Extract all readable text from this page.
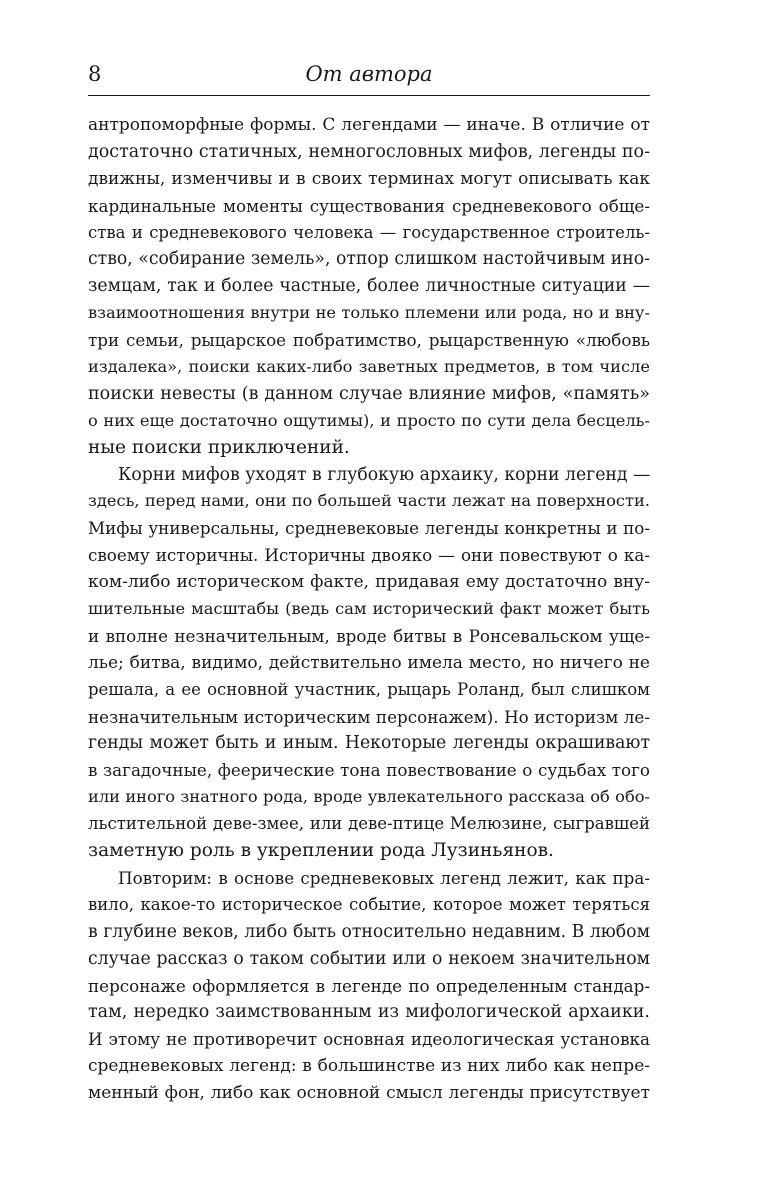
8	От автора
антропоморфные формы. С легендами — иначе. В отличие от
достаточно статичных, немногословных мифов, легенды по-
движны, изменчивы и в своих терминах могут описывать как
кардинальные моменты существования средневекового обще-
ства и средневекового человека — государственное строитель-
ство, «собирание земель», отпор слишком настойчивым ино-
земцам, так и более частные, более личностные ситуации —
взаимоотношения внутри не только племени или рода, но и вну-
три семьи, рыцарское побратимство, рыцарственную «любовь
издалека», поиски каких-либо заветных предметов, в том числе
поиски невесты (в данном случае влияние мифов, «память»
о них еще достаточно ощутимы), и просто по сути дела бесцель-
ные поиски приключений.
Корни мифов уходят в глубокую архаику, корни легенд —
здесь, перед нами, они по большей части лежат на поверхности.
Мифы универсальны, средневековые легенды конкретны и по-
своему историчны. Историчны двояко — они повествуют о ка-
ком-либо историческом факте, придавая ему достаточно вну-
шительные масштабы (ведь сам исторический факт может быть
и вполне незначительным, вроде битвы в Ронсевальском уще-
лье; битва, видимо, действительно имела место, но ничего не
решала, а ее основной участник, рыцарь Роланд, был слишком
незначительным историческим персонажем). Но историзм ле-
генды может быть и иным. Некоторые легенды окрашивают
в загадочные, феерические тона повествование о судьбах того
или иного знатного рода, вроде увлекательного рассказа об обо-
льстительной деве-змее, или деве-птице Мелюзине, сыгравшей
заметную роль в укреплении рода Лузиньянов.
Повторим: в основе средневековых легенд лежит, как пра-
вило, какое-то историческое событие, которое может теряться
в глубине веков, либо быть относительно недавним. В любом
случае рассказ о таком событии или о некоем значительном
персонаже оформляется в легенде по определенным стандар-
там, нередко заимствованным из мифологической архаики.
И этому не противоречит основная идеологическая установка
средневековых легенд: в большинстве из них либо как непре-
менный фон, либо как основной смысл легенды присутствует
